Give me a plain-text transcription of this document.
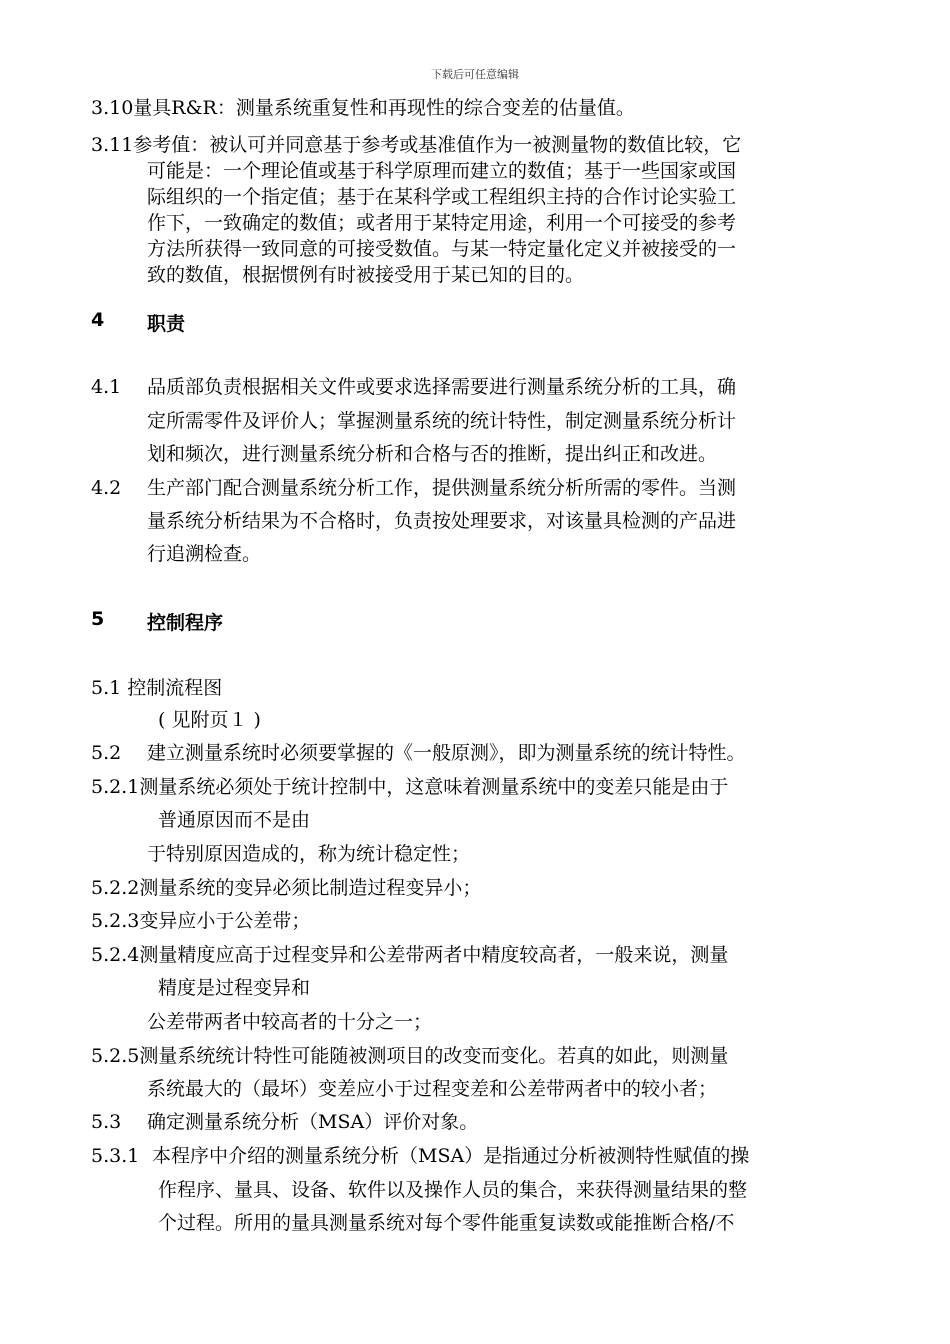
下载后可任意编辑
3.10量具R&R：测量系统重复性和再现性的综合变差的估量值。
3.11参考值：被认可并同意基于参考或基准值作为一被测量物的数值比较，它
可能是：一个理论值或基于科学原理而建立的数值；基于一些国家或国
际组织的一个指定值；基于在某科学或工程组织主持的合作讨论实验工
作下，一致确定的数值；或者用于某特定用途，利用一个可接受的参考
方法所获得一致同意的可接受数值。与某一特定量化定义并被接受的一
致的数值，根据惯例有时被接受用于某已知的目的。
4 职责
4.1 品质部负责根据相关文件或要求选择需要进行测量系统分析的工具，确
定所需零件及评价人；掌握测量系统的统计特性，制定测量系统分析计
划和频次，进行测量系统分析和合格与否的推断，提出纠正和改进。
4.2 生产部门配合测量系统分析工作，提供测量系统分析所需的零件。当测
量系统分析结果为不合格时，负责按处理要求，对该量具检测的产品进
行追溯检查。
5 控制程序
5.1 控制流程图
( 见附页１ )
5.2 建立测量系统时必须要掌握的《一般原测》，即为测量系统的统计特性。
5.2.1测量系统必须处于统计控制中，这意味着测量系统中的变差只能是由于
普通原因而不是由
于特别原因造成的，称为统计稳定性；
5.2.2测量系统的变异必须比制造过程变异小；
5.2.3变异应小于公差带；
5.2.4测量精度应高于过程变异和公差带两者中精度较高者，一般来说，测量
精度是过程变异和
公差带两者中较高者的十分之一；
5.2.5测量系统统计特性可能随被测项目的改变而变化。若真的如此，则测量
系统最大的（最坏）变差应小于过程变差和公差带两者中的较小者；
5.3 确定测量系统分析（MSA）评价对象。
5.3.1 本程序中介绍的测量系统分析（MSA）是指通过分析被测特性赋值的操
作程序、量具、设备、软件以及操作人员的集合，来获得测量结果的整
个过程。所用的量具测量系统对每个零件能重复读数或能推断合格/不
